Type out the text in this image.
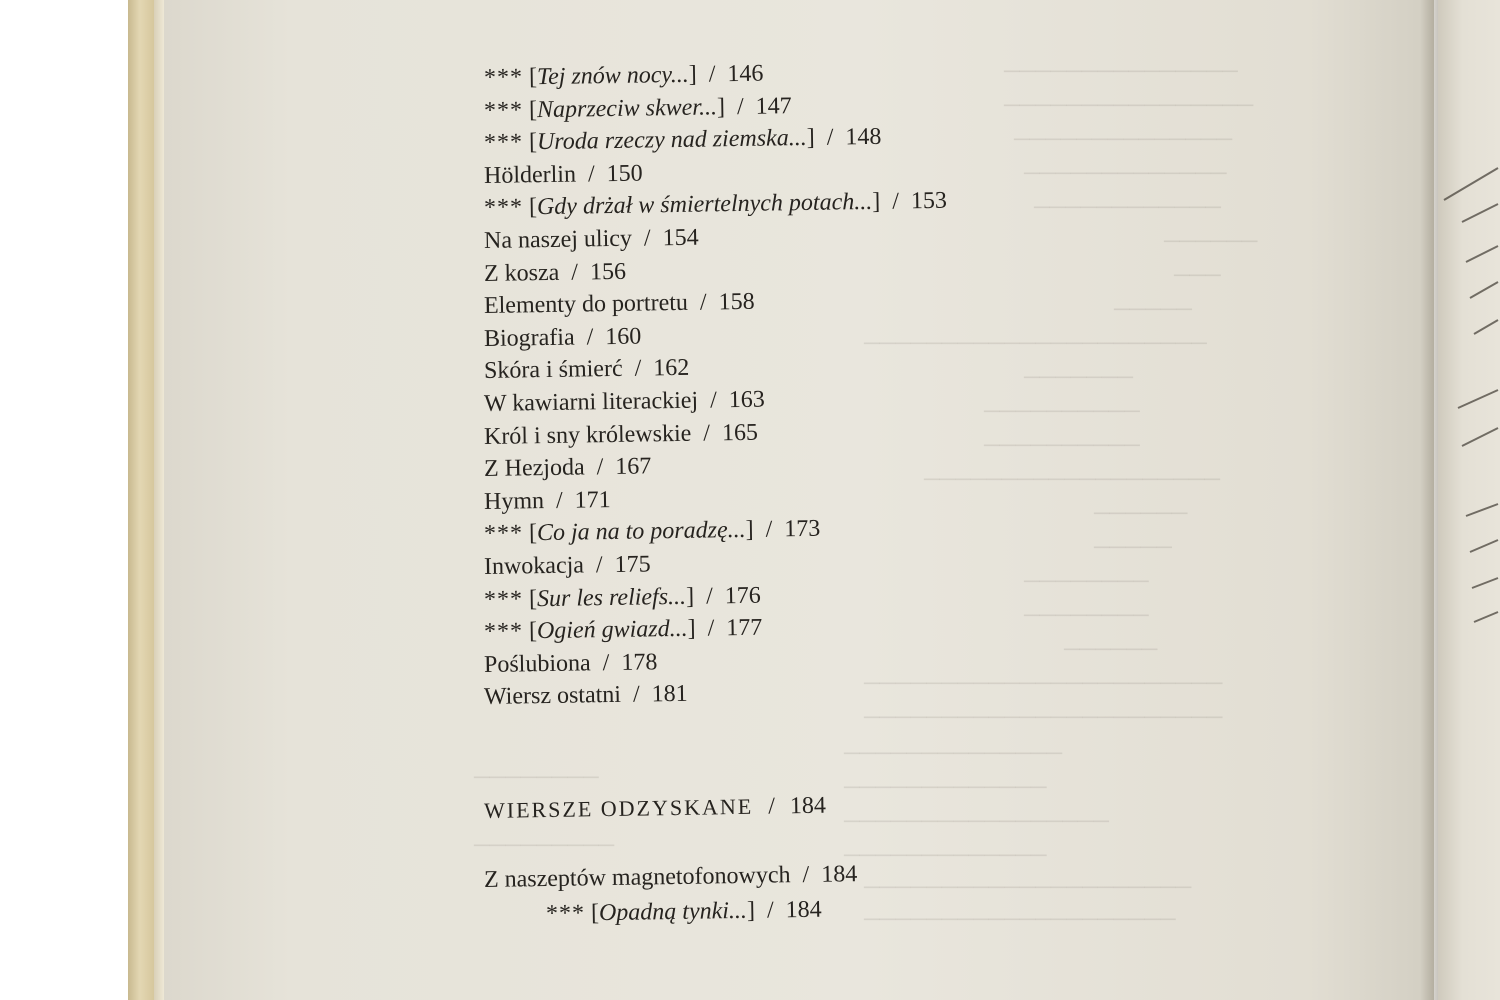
───────────────
────────────────
──────────────
─────────────
────────────
──────
───
─────
──────────────────────
───────
──────────
──────────
───────────────────
──────
─────
────────
────────
──────
───────────────────────
───────────────────────
──────────────
────────	─────────────
─────────────────
─────────	─────────────
─────────────────────
────────────────────
*** [Tej znów nocy...] / 146
*** [Naprzeciw skwer...] / 147
*** [Uroda rzeczy nad ziemska...] / 148
Hölderlin / 150
*** [Gdy drżał w śmiertelnych potach...] / 153
Na naszej ulicy / 154
Z kosza / 156
Elementy do portretu / 158
Biografia / 160
Skóra i śmierć / 162
W kawiarni literackiej / 163
Król i sny królewskie / 165
Z Hezjoda / 167
Hymn / 171
*** [Co ja na to poradzę...] / 173
Inwokacja / 175
*** [Sur les reliefs...] / 176
*** [Ogień gwiazd...] / 177
Poślubiona / 178
Wiersz ostatni / 181
WIERSZE ODZYSKANE / 184
Z naszeptów magnetofonowych / 184
*** [Opadną tynki...] / 184
